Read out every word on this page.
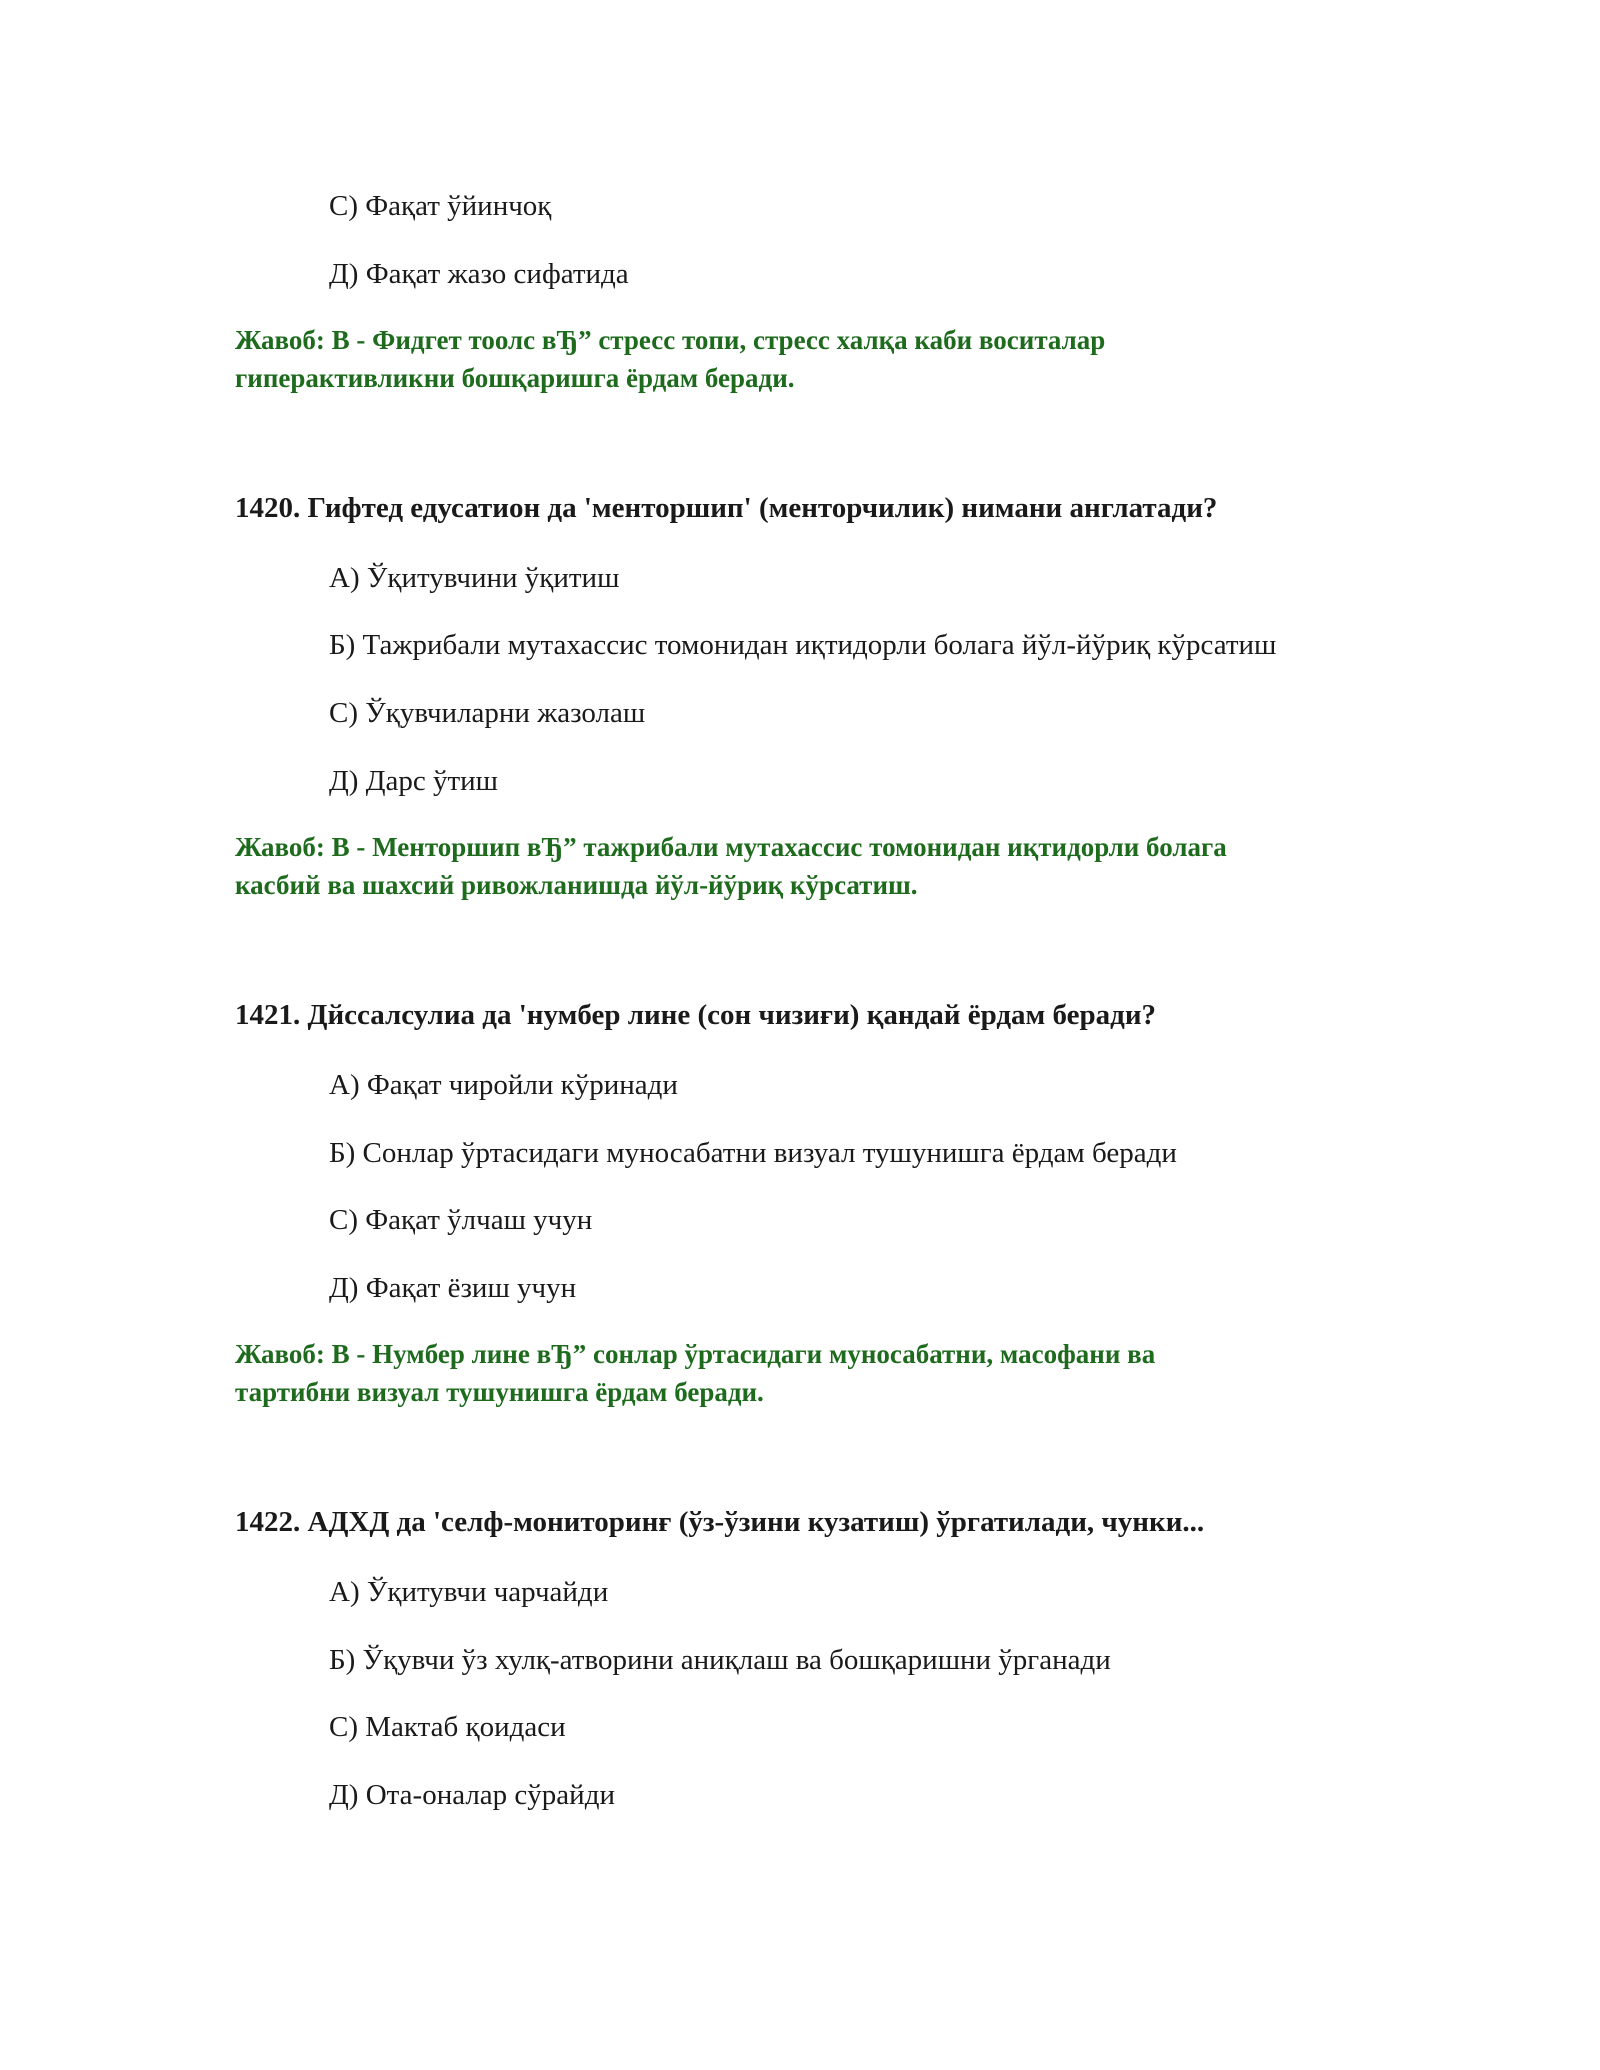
С) Фақат ўйинчоқ
Д) Фақат жазо сифатида
Жавоб: В - Фидгет тоолс вЂ” стресс топи, стресс халқа каби воситалар
гиперактивликни бошқаришга ёрдам беради.
1420. Гифтед едусатион да 'менторшип' (менторчилик) нимани англатади?
А) Ўқитувчини ўқитиш
Б) Тажрибали мутахассис томонидан иқтидорли болага йўл-йўриқ кўрсатиш
С) Ўқувчиларни жазолаш
Д) Дарс ўтиш
Жавоб: В - Менторшип вЂ” тажрибали мутахассис томонидан иқтидорли болага
касбий ва шахсий ривожланишда йўл-йўриқ кўрсатиш.
1421. Дйссалсулиа да 'нумбер лине (сон чизиғи) қандай ёрдам беради?
А) Фақат чиройли кўринади
Б) Сонлар ўртасидаги муносабатни визуал тушунишга ёрдам беради
С) Фақат ўлчаш учун
Д) Фақат ёзиш учун
Жавоб: В - Нумбер лине вЂ” сонлар ўртасидаги муносабатни, масофани ва
тартибни визуал тушунишга ёрдам беради.
1422. АДХД да 'селф-мониторинғ (ўз-ўзини кузатиш) ўргатилади, чунки...
А) Ўқитувчи чарчайди
Б) Ўқувчи ўз хулқ-атворини аниқлаш ва бошқаришни ўрганади
С) Мактаб қоидаси
Д) Ота-оналар сўрайди
